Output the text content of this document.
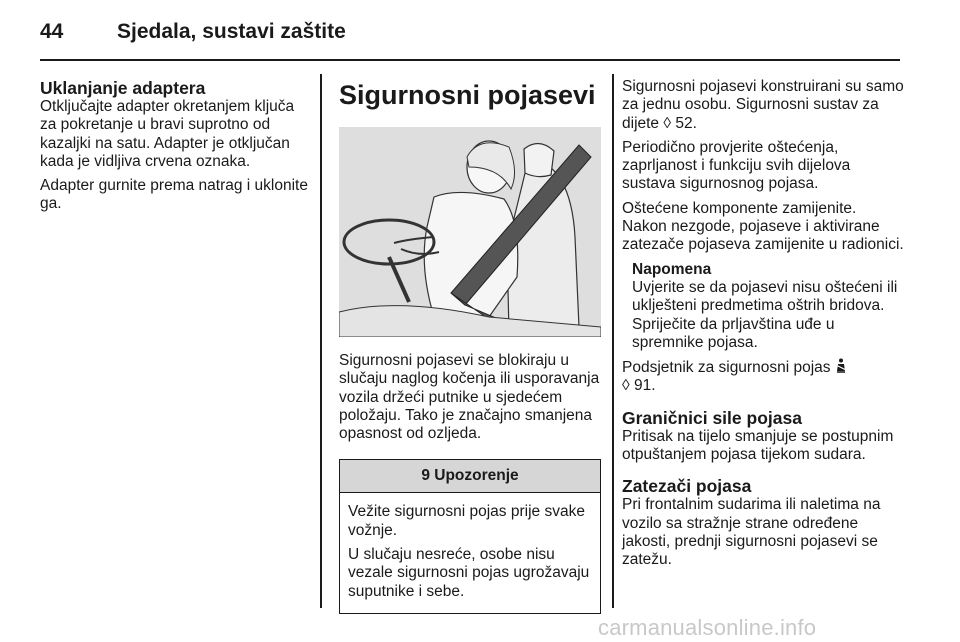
44	Sjedala, sustavi zaštite
Uklanjanje adaptera

Otključajte adapter okretanjem ključa za pokretanje u bravi suprotno od kazaljki na satu. Adapter je otključan kada je vidljiva crvena oznaka.

Adapter gurnite prema natrag i uklonite ga.

Sigurnosni pojasevi

Sigurnosni pojasevi se blokiraju u slučaju naglog kočenja ili usporavanja vozila držeći putnike u sjedećem položaju. Tako je značajno smanjena opasnost od ozljeda.

9 Upozorenje

Vežite sigurnosni pojas prije svake vožnje.

U slučaju nesreće, osobe nisu vezale sigurnosni pojas ugrožavaju suputnike i sebe.

Sigurnosni pojasevi konstruirani su samo za jednu osobu. Sigurnosni sustav za dijete ◊ 52.

Periodično provjerite oštećenja, zaprljanost i funkciju svih dijelova sustava sigurnosnog pojasa.

Oštećene komponente zamijenite. Nakon nezgode, pojaseve i aktivirane zatezače pojaseva zamijenite u radionici.

Napomena

Uvjerite se da pojasevi nisu oštećeni ili uklješteni predmetima oštrih bridova. Spriječite da prljavština uđe u spremnike pojasa.

Podsjetnik za sigurnosni pojas
◊ 91.

Graničnici sile pojasa

Pritisak na tijelo smanjuje se postupnim otpuštanjem pojasa tijekom sudara.

Zatezači pojasa

Pri frontalnim sudarima ili naletima na vozilo sa stražnje strane određene jakosti, prednji sigurnosni pojasevi se zatežu.

carmanualsonline.info
